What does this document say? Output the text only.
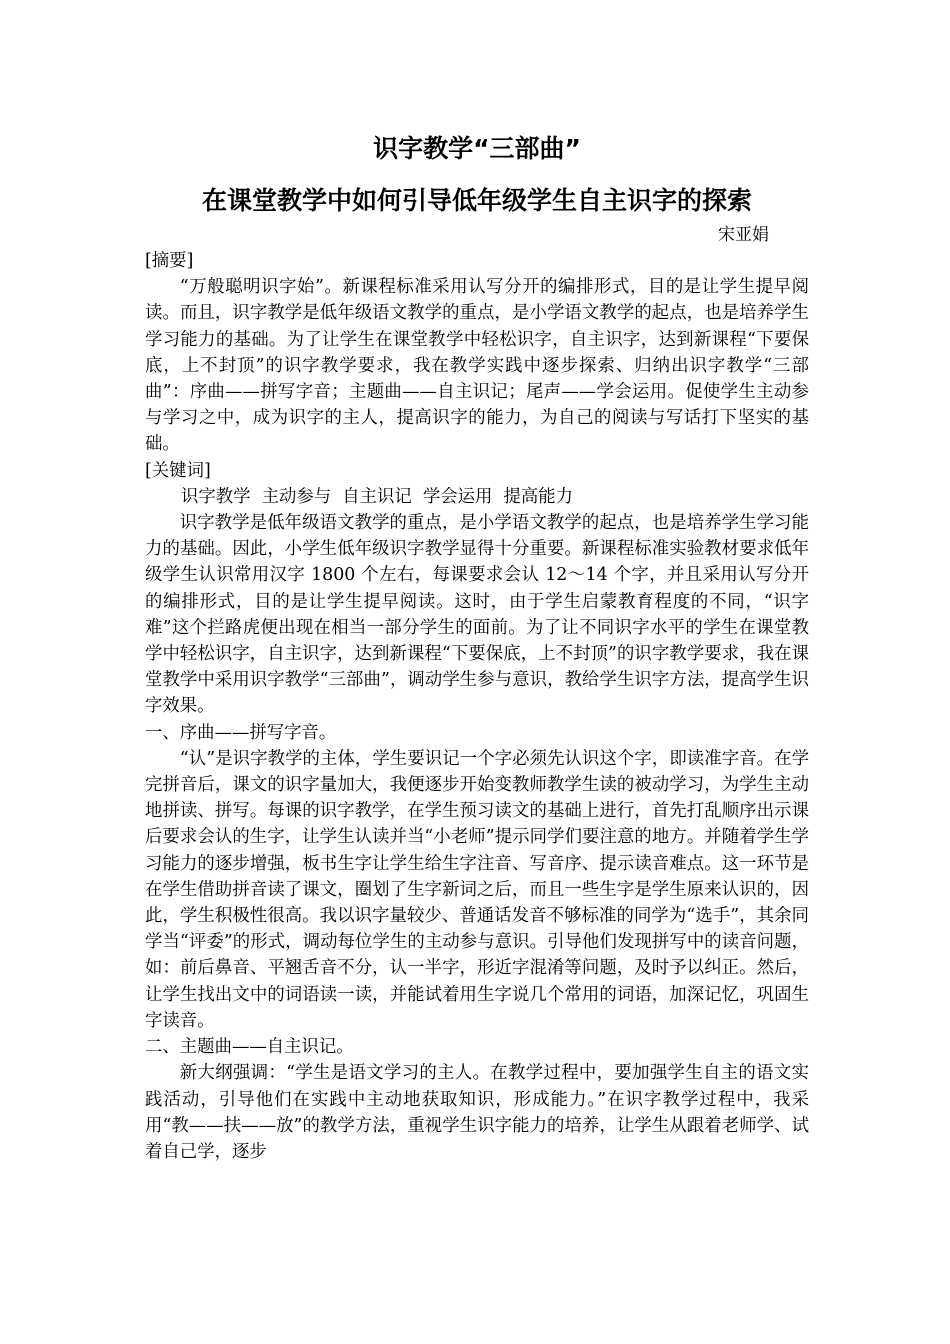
识字教学“三部曲”
在课堂教学中如何引导低年级学生自主识字的探索

宋亚娟

[摘要]

“万般聪明识字始”。新课程标准采用认写分开的编排形式，目的是让学生提早阅读。而且，识字教学是低年级语文教学的重点，是小学语文教学的起点，也是培养学生学习能力的基础。为了让学生在课堂教学中轻松识字，自主识字，达到新课程“下要保底，上不封顶”的识字教学要求，我在教学实践中逐步探索、归纳出识字教学“三部曲”：序曲——拼写字音；主题曲——自主识记；尾声——学会运用。促使学生主动参与学习之中，成为识字的主人，提高识字的能力，为自己的阅读与写话打下坚实的基础。

[关键词]

识字教学  主动参与  自主识记  学会运用  提高能力

识字教学是低年级语文教学的重点，是小学语文教学的起点，也是培养学生学习能力的基础。因此，小学生低年级识字教学显得十分重要。新课程标准实验教材要求低年级学生认识常用汉字 1800 个左右，每课要求会认 12～14 个字，并且采用认写分开的编排形式，目的是让学生提早阅读。这时，由于学生启蒙教育程度的不同，“识字难”这个拦路虎便出现在相当一部分学生的面前。为了让不同识字水平的学生在课堂教学中轻松识字，自主识字，达到新课程“下要保底，上不封顶”的识字教学要求，我在课堂教学中采用识字教学“三部曲”，调动学生参与意识，教给学生识字方法，提高学生识字效果。

一、序曲——拼写字音。

“认”是识字教学的主体，学生要识记一个字必须先认识这个字，即读准字音。在学完拼音后，课文的识字量加大，我便逐步开始变教师教学生读的被动学习，为学生主动地拼读、拼写。每课的识字教学，在学生预习读文的基础上进行，首先打乱顺序出示课后要求会认的生字，让学生认读并当“小老师”提示同学们要注意的地方。并随着学生学习能力的逐步增强，板书生字让学生给生字注音、写音序、提示读音难点。这一环节是在学生借助拼音读了课文，圈划了生字新词之后，而且一些生字是学生原来认识的，因此，学生积极性很高。我以识字量较少、普通话发音不够标准的同学为“选手”，其余同学当“评委”的形式，调动每位学生的主动参与意识。引导他们发现拼写中的读音问题，如：前后鼻音、平翘舌音不分，认一半字，形近字混淆等问题，及时予以纠正。然后，让学生找出文中的词语读一读，并能试着用生字说几个常用的词语，加深记忆，巩固生字读音。

二、主题曲——自主识记。

新大纲强调：“学生是语文学习的主人。在教学过程中，要加强学生自主的语文实践活动，引导他们在实践中主动地获取知识，形成能力。”在识字教学过程中，我采用“教——扶——放”的教学方法，重视学生识字能力的培养，让学生从跟着老师学、试着自己学，逐步
